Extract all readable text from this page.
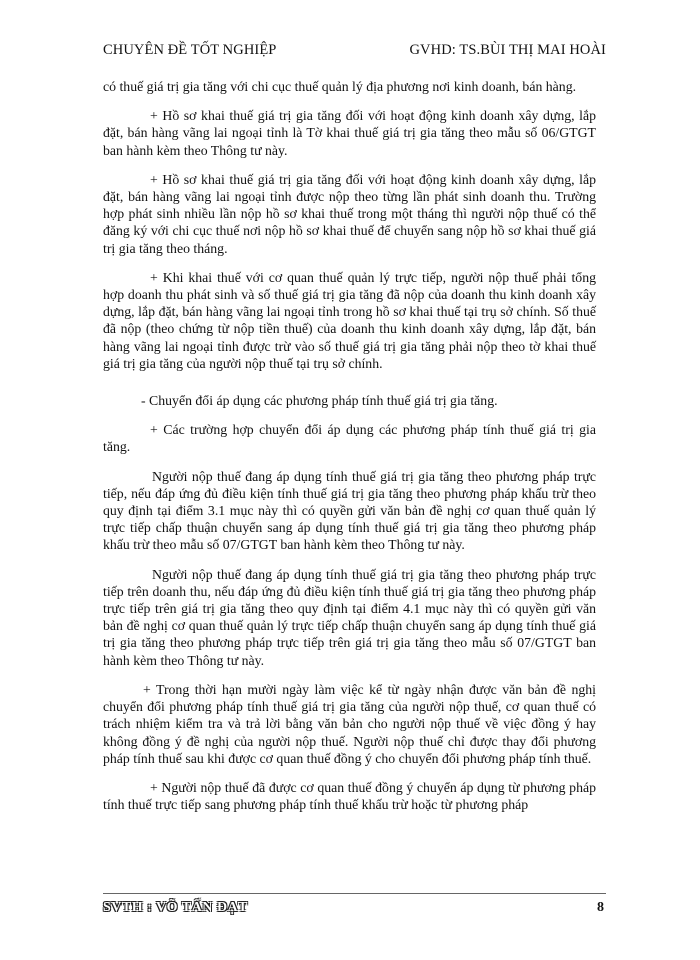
CHUYÊN ĐỀ TỐT NGHIỆP	GVHD: TS.BÙI THỊ MAI HOÀI

có thuế giá trị gia tăng với chi cục thuế quản lý địa phương nơi kinh doanh, bán hàng.

+ Hồ sơ khai thuế giá trị gia tăng đối với hoạt động kinh doanh xây dựng, lắp đặt, bán hàng vãng lai ngoại tỉnh là Tờ khai thuế giá trị gia tăng theo mẫu số 06/GTGT ban hành kèm theo Thông tư này.

+ Hồ sơ khai thuế giá trị gia tăng đối với hoạt động kinh doanh xây dựng, lắp đặt, bán hàng vãng lai ngoại tỉnh được nộp theo từng lần phát sinh doanh thu. Trường hợp phát sinh nhiều lần nộp hồ sơ khai thuế trong một tháng thì người nộp thuế có thể đăng ký với chi cục thuế nơi nộp hồ sơ khai thuế để chuyển sang nộp hồ sơ khai thuế giá trị gia tăng theo tháng.

+ Khi khai thuế với cơ quan thuế quản lý trực tiếp, người nộp thuế phải tổng hợp doanh thu phát sinh và số thuế giá trị gia tăng đã nộp của doanh thu kinh doanh xây dựng, lắp đặt, bán hàng vãng lai ngoại tỉnh trong hồ sơ khai thuế tại trụ sở chính. Số thuế đã nộp (theo chứng từ nộp tiền thuế) của doanh thu kinh doanh xây dựng, lắp đặt, bán hàng vãng lai ngoại tỉnh được trừ vào số thuế giá trị gia tăng phải nộp theo tờ khai thuế giá trị gia tăng của người nộp thuế tại trụ sở chính.

- Chuyển đổi áp dụng các phương pháp tính thuế giá trị gia tăng.

+ Các trường hợp chuyển đổi áp dụng các phương pháp tính thuế giá trị gia tăng.

Người nộp thuế đang áp dụng tính thuế giá trị gia tăng theo phương pháp trực tiếp, nếu đáp ứng đủ điều kiện tính thuế giá trị gia tăng theo phương pháp khấu trừ theo quy định tại điểm 3.1 mục này thì có quyền gửi văn bản đề nghị cơ quan thuế quản lý trực tiếp chấp thuận chuyển sang áp dụng tính thuế giá trị gia tăng theo phương pháp khấu trừ theo mẫu số 07/GTGT ban hành kèm theo Thông tư này.

Người nộp thuế đang áp dụng tính thuế giá trị gia tăng theo phương pháp trực tiếp trên doanh thu, nếu đáp ứng đủ điều kiện tính thuế giá trị gia tăng theo phương pháp trực tiếp trên giá trị gia tăng theo quy định tại điểm 4.1 mục này thì có quyền gửi văn bản đề nghị cơ quan thuế quản lý trực tiếp chấp thuận chuyển sang áp dụng tính thuế giá trị gia tăng theo phương pháp trực tiếp trên giá trị gia tăng theo mẫu số 07/GTGT ban hành kèm theo Thông tư này.

+ Trong thời hạn mười ngày làm việc kể từ ngày nhận được văn bản đề nghị chuyển đổi phương pháp tính thuế giá trị gia tăng của người nộp thuế, cơ quan thuế có trách nhiệm kiểm tra và trả lời bằng văn bản cho người nộp thuế về việc đồng ý hay không đồng ý đề nghị của người nộp thuế. Người nộp thuế chỉ được thay đổi phương pháp tính thuế sau khi được cơ quan thuế đồng ý cho chuyển đổi phương pháp tính thuế.

+ Người nộp thuế đã được cơ quan thuế đồng ý chuyển áp dụng từ phương pháp tính thuế trực tiếp sang phương pháp tính thuế khấu trừ hoặc từ phương pháp

SVTH : VÕ TẤN ĐẠT	8
